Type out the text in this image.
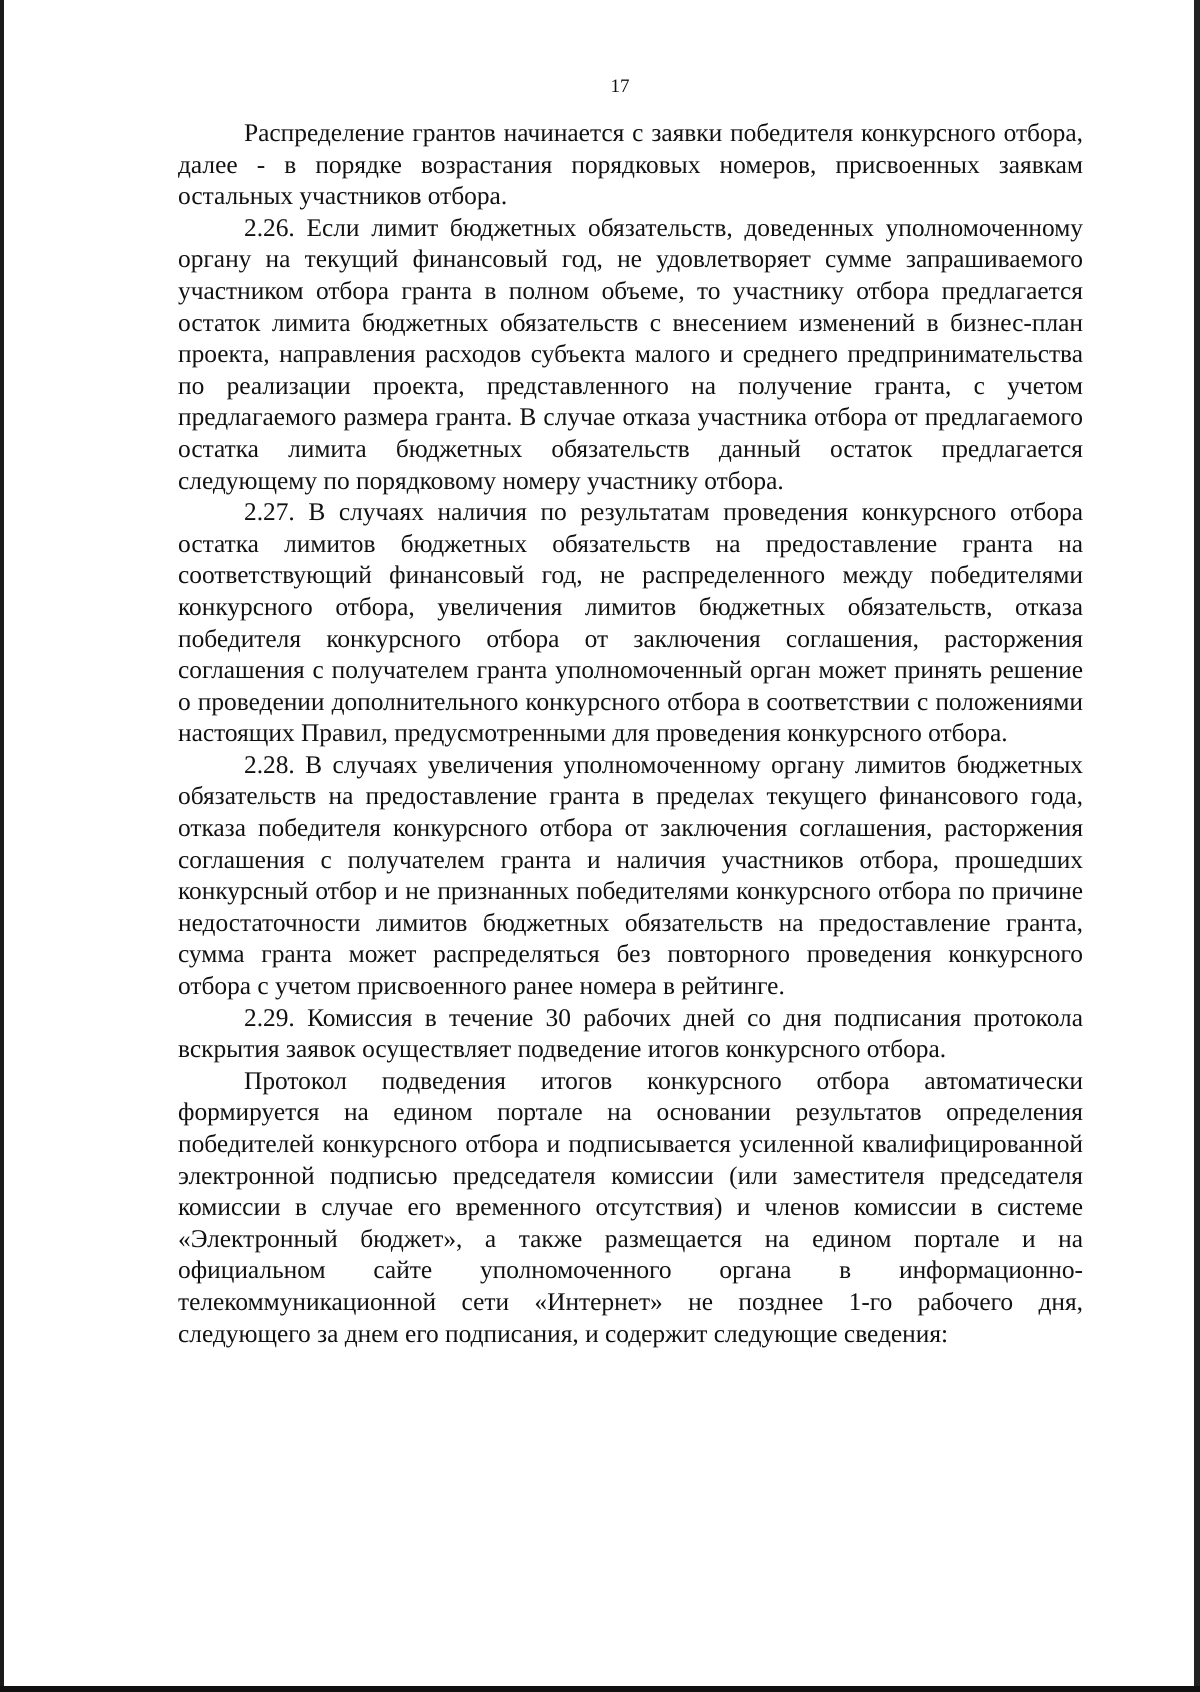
17

Распределение грантов начинается с заявки победителя конкурсного отбора, далее - в порядке возрастания порядковых номеров, присвоенных заявкам остальных участников отбора.

2.26. Если лимит бюджетных обязательств, доведенных уполномоченному органу на текущий финансовый год, не удовлетворяет сумме запрашиваемого участником отбора гранта в полном объеме, то участнику отбора предлагается остаток лимита бюджетных обязательств с внесением изменений в бизнес-план проекта, направления расходов субъекта малого и среднего предпринимательства по реализации проекта, представленного на получение гранта, с учетом предлагаемого размера гранта. В случае отказа участника отбора от предлагаемого остатка лимита бюджетных обязательств данный остаток предлагается следующему по порядковому номеру участнику отбора.

2.27. В случаях наличия по результатам проведения конкурсного отбора остатка лимитов бюджетных обязательств на предоставление гранта на соответствующий финансовый год, не распределенного между победителями конкурсного отбора, увеличения лимитов бюджетных обязательств, отказа победителя конкурсного отбора от заключения соглашения, расторжения соглашения с получателем гранта уполномоченный орган может принять решение о проведении дополнительного конкурсного отбора в соответствии с положениями настоящих Правил, предусмотренными для проведения конкурсного отбора.

2.28. В случаях увеличения уполномоченному органу лимитов бюджетных обязательств на предоставление гранта в пределах текущего финансового года, отказа победителя конкурсного отбора от заключения соглашения, расторжения соглашения с получателем гранта и наличия участников отбора, прошедших конкурсный отбор и не признанных победителями конкурсного отбора по причине недостаточности лимитов бюджетных обязательств на предоставление гранта, сумма гранта может распределяться без повторного проведения конкурсного отбора с учетом присвоенного ранее номера в рейтинге.

2.29. Комиссия в течение 30 рабочих дней со дня подписания протокола вскрытия заявок осуществляет подведение итогов конкурсного отбора.

Протокол подведения итогов конкурсного отбора автоматически формируется на едином портале на основании результатов определения победителей конкурсного отбора и подписывается усиленной квалифицированной электронной подписью председателя комиссии (или заместителя председателя комиссии в случае его временного отсутствия) и членов комиссии в системе «Электронный бюджет», а также размещается на едином портале и на официальном сайте уполномоченного органа в информационно-телекоммуникационной сети «Интернет» не позднее 1-го рабочего дня, следующего за днем его подписания, и содержит следующие сведения:
